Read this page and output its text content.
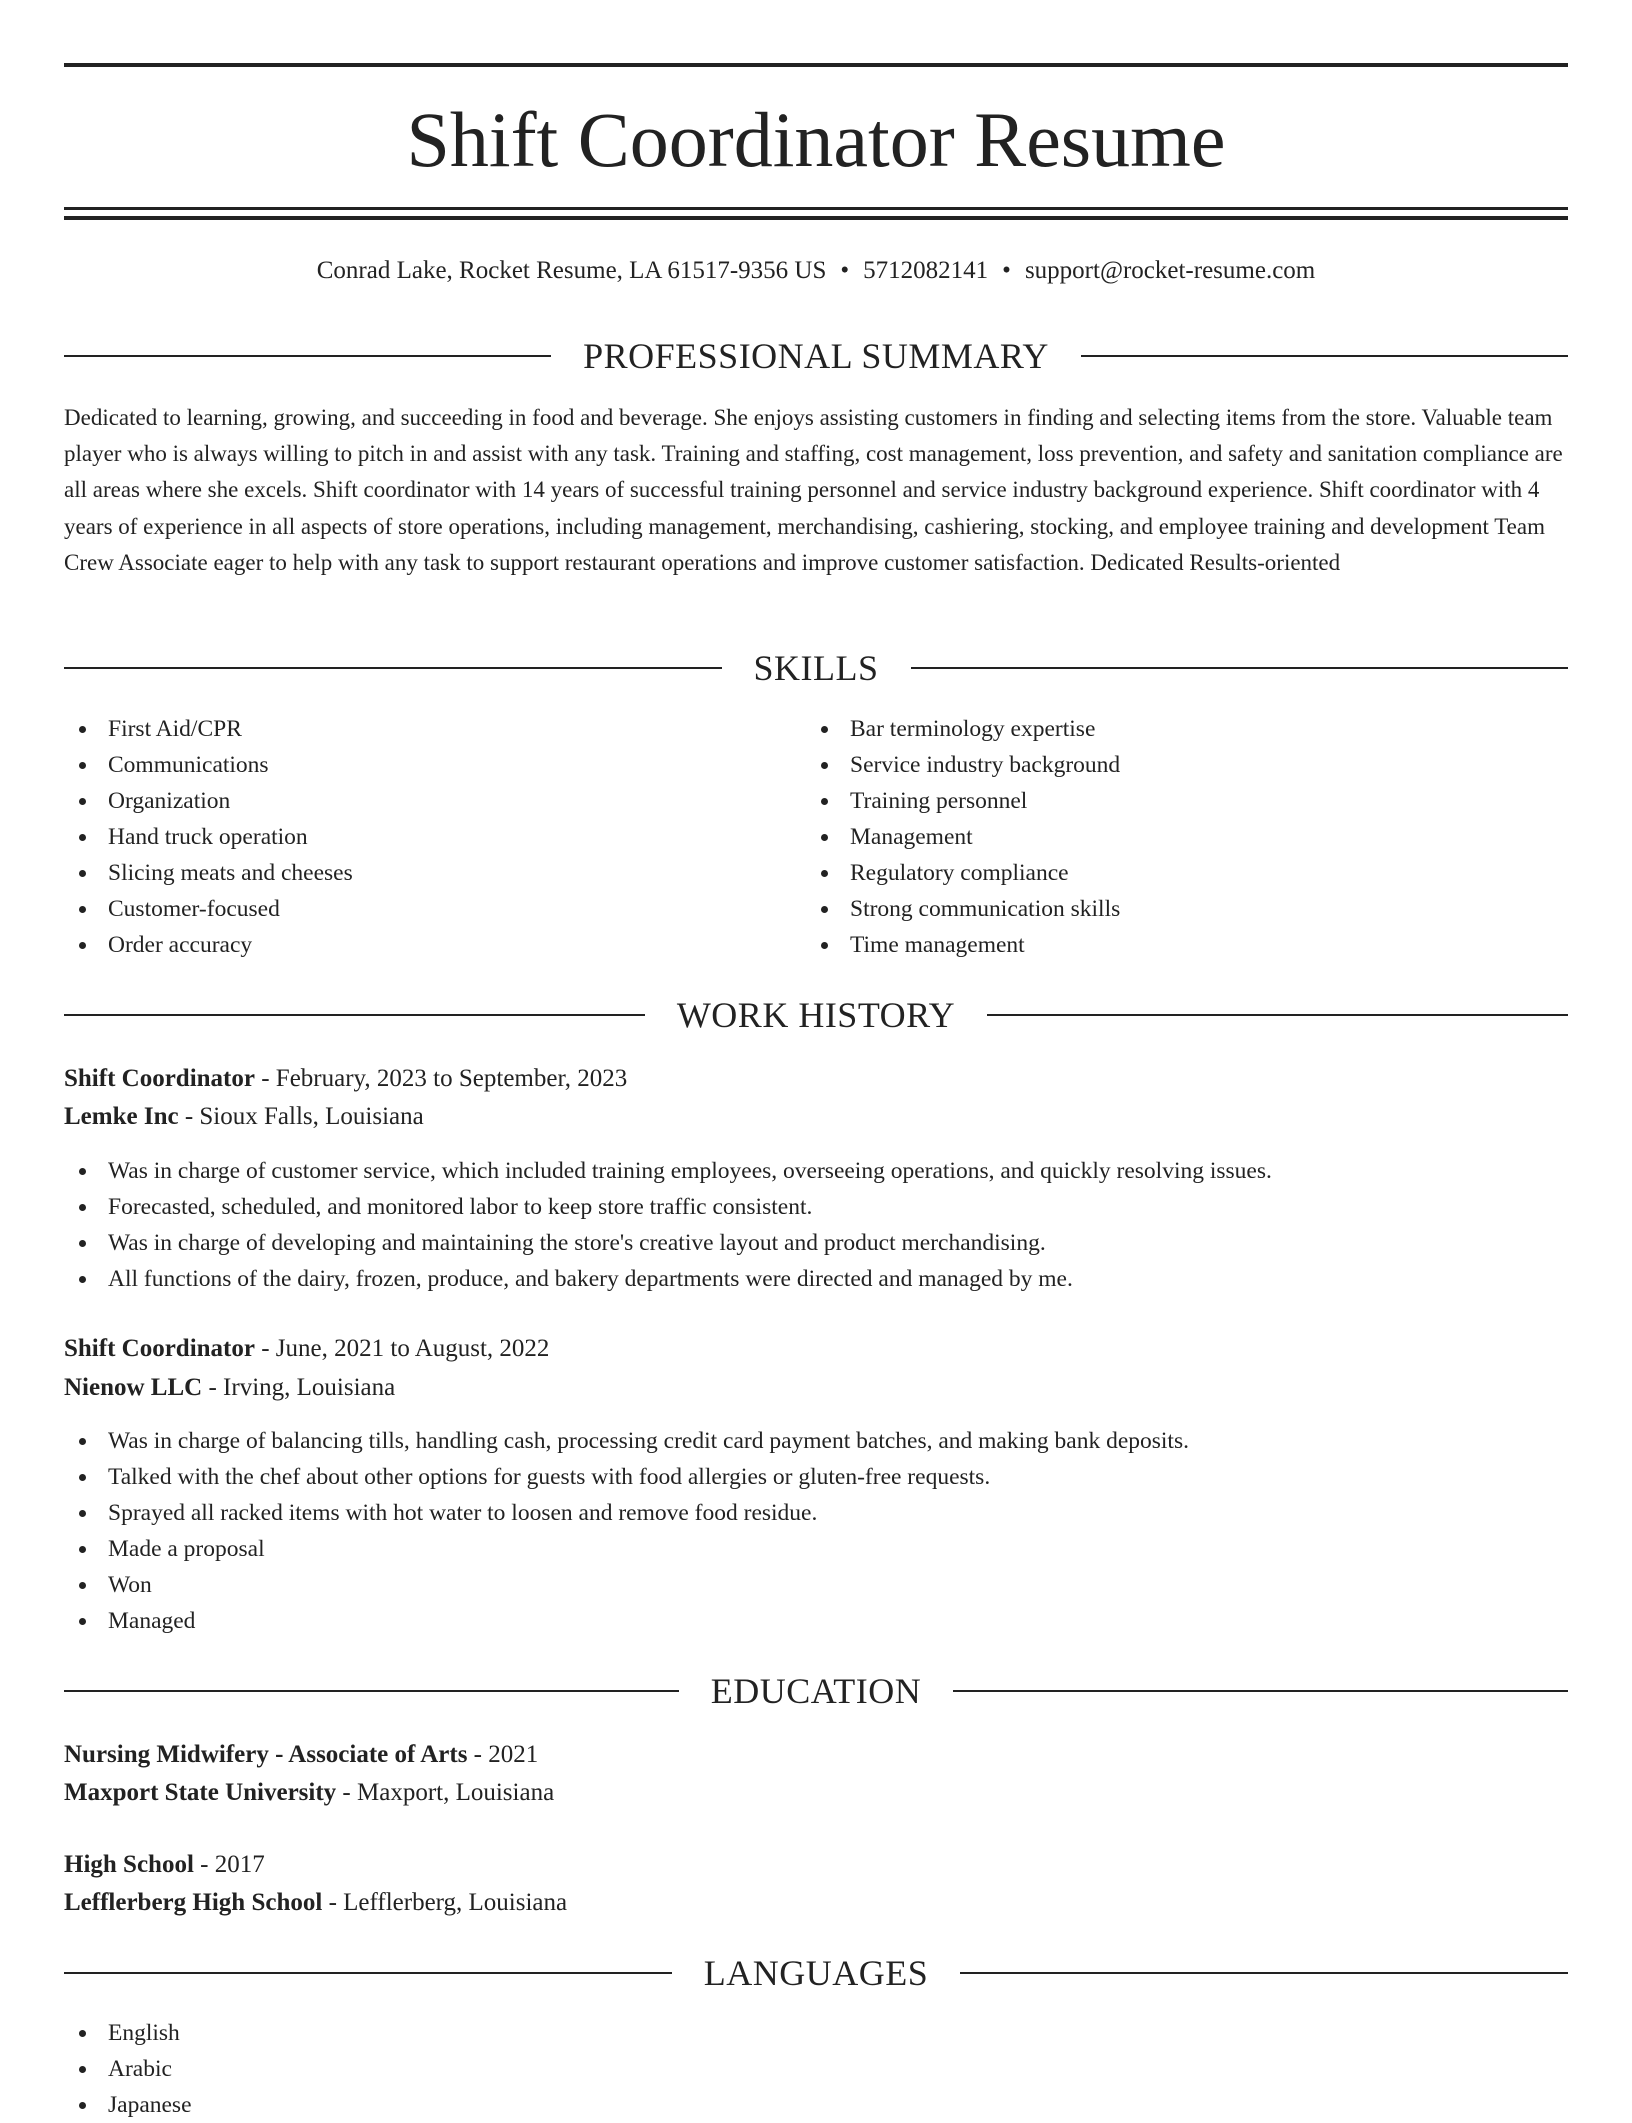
Shift Coordinator Resume
Conrad Lake, Rocket Resume, LA 61517-9356 US • 5712082141 • support@rocket-resume.com
PROFESSIONAL SUMMARY

Dedicated to learning, growing, and succeeding in food and beverage. She enjoys assisting customers in finding and selecting items from the store. Valuable team player who is always willing to pitch in and assist with any task. Training and staffing, cost management, loss prevention, and safety and sanitation compliance are all areas where she excels. Shift coordinator with 14 years of successful training personnel and service industry background experience. Shift coordinator with 4 years of experience in all aspects of store operations, including management, merchandising, cashiering, stocking, and employee training and development Team Crew Associate eager to help with any task to support restaurant operations and improve customer satisfaction. Dedicated Results-oriented

SKILLS
First Aid/CPR
Communications
Organization
Hand truck operation
Slicing meats and cheeses
Customer-focused
Order accuracy
Bar terminology expertise
Service industry background
Training personnel
Management
Regulatory compliance
Strong communication skills
Time management
WORK HISTORY
Shift Coordinator - February, 2023 to September, 2023
Lemke Inc - Sioux Falls, Louisiana
Was in charge of customer service, which included training employees, overseeing operations, and quickly resolving issues.
Forecasted, scheduled, and monitored labor to keep store traffic consistent.
Was in charge of developing and maintaining the store's creative layout and product merchandising.
All functions of the dairy, frozen, produce, and bakery departments were directed and managed by me.
Shift Coordinator - June, 2021 to August, 2022
Nienow LLC - Irving, Louisiana
Was in charge of balancing tills, handling cash, processing credit card payment batches, and making bank deposits.
Talked with the chef about other options for guests with food allergies or gluten-free requests.
Sprayed all racked items with hot water to loosen and remove food residue.
Made a proposal
Won
Managed
EDUCATION
Nursing Midwifery - Associate of Arts - 2021
Maxport State University - Maxport, Louisiana
High School - 2017
Lefflerberg High School - Lefflerberg, Louisiana
LANGUAGES
English
Arabic
Japanese
